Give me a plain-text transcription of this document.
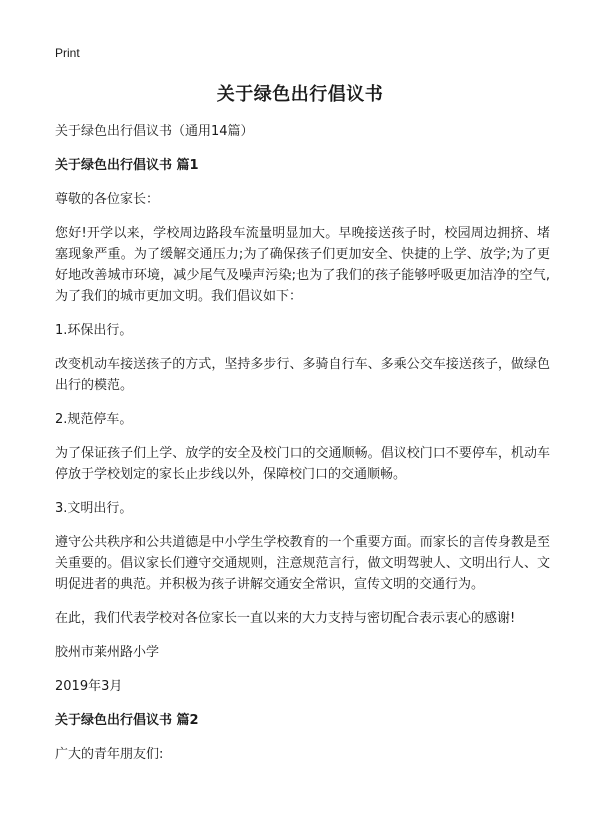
Print
关于绿色出行倡议书

关于绿色出行倡议书（通用14篇）

关于绿色出行倡议书 篇1

尊敬的各位家长：

您好!开学以来，学校周边路段车流量明显加大。早晚接送孩子时，校园周边拥挤、堵塞现象严重。为了缓解交通压力;为了确保孩子们更加安全、快捷的上学、放学;为了更好地改善城市环境，减少尾气及噪声污染;也为了我们的孩子能够呼吸更加洁净的空气,为了我们的城市更加文明。我们倡议如下：

1.环保出行。

改变机动车接送孩子的方式，坚持多步行、多骑自行车、多乘公交车接送孩子，做绿色出行的模范。

2.规范停车。

为了保证孩子们上学、放学的安全及校门口的交通顺畅。倡议校门口不要停车，机动车停放于学校划定的家长止步线以外，保障校门口的交通顺畅。

3.文明出行。

遵守公共秩序和公共道德是中小学生学校教育的一个重要方面。而家长的言传身教是至关重要的。倡议家长们遵守交通规则，注意规范言行，做文明驾驶人、文明出行人、文明促进者的典范。并积极为孩子讲解交通安全常识，宣传文明的交通行为。

在此，我们代表学校对各位家长一直以来的大力支持与密切配合表示衷心的感谢!

胶州市莱州路小学

2019年3月

关于绿色出行倡议书 篇2

广大的青年朋友们:
